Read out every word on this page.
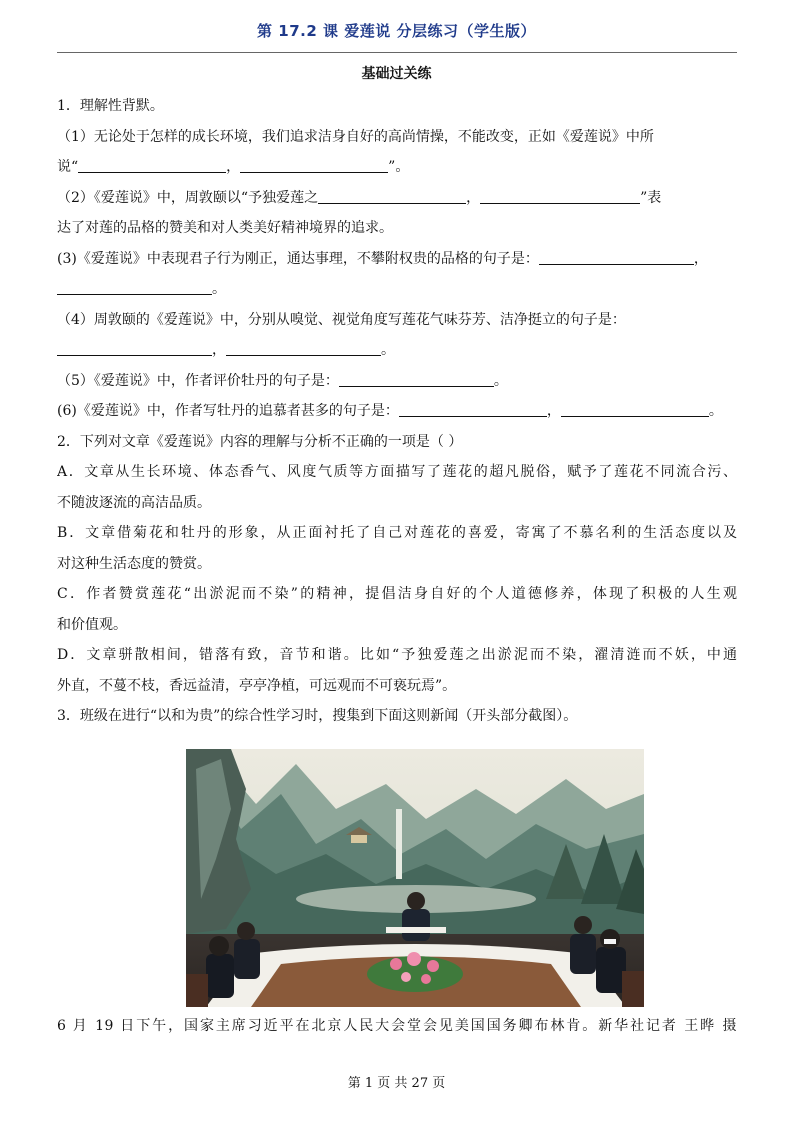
第 17.2 课 爱莲说 分层练习（学生版）
基础过关练
1．理解性背默。
（1）无论处于怎样的成长环境，我们追求洁身自好的高尚情操，不能改变，正如《爱莲说》中所
说“	，	”。
（2）《爱莲说》中，周敦颐以“予独爱莲之	，	”表
达了对莲的品格的赞美和对人类美好精神境界的追求。
(3)《爱莲说》中表现君子行为刚正，通达事理，不攀附权贵的品格的句子是：	，
。
（4）周敦颐的《爱莲说》中，分别从嗅觉、视觉角度写莲花气味芬芳、洁净挺立的句子是：
，	。
（5）《爱莲说》中，作者评价牡丹的句子是：	。
(6)《爱莲说》中，作者写牡丹的追慕者甚多的句子是：	，	。
2．下列对文章《爱莲说》内容的理解与分析不正确的一项是（ ）
A．文章从生长环境、体态香气、风度气质等方面描写了莲花的超凡脱俗，赋予了莲花不同流合污、
不随波逐流的高洁品质。
B．文章借菊花和牡丹的形象，从正面衬托了自己对莲花的喜爱，寄寓了不慕名利的生活态度以及
对这种生活态度的赞赏。
C．作者赞赏莲花“出淤泥而不染”的精神，提倡洁身自好的个人道德修养，体现了积极的人生观
和价值观。
D．文章骈散相间，错落有致，音节和谐。比如“予独爱莲之出淤泥而不染，濯清涟而不妖，中通
外直，不蔓不枝，香远益清，亭亭净植，可远观而不可亵玩焉”。
3．班级在进行“以和为贵”的综合性学习时，搜集到下面这则新闻（开头部分截图）。
6 月 19 日下午，国家主席习近平在北京人民大会堂会见美国国务卿布林肯。新华社记者 王晔 摄
第 1 页 共 27 页
